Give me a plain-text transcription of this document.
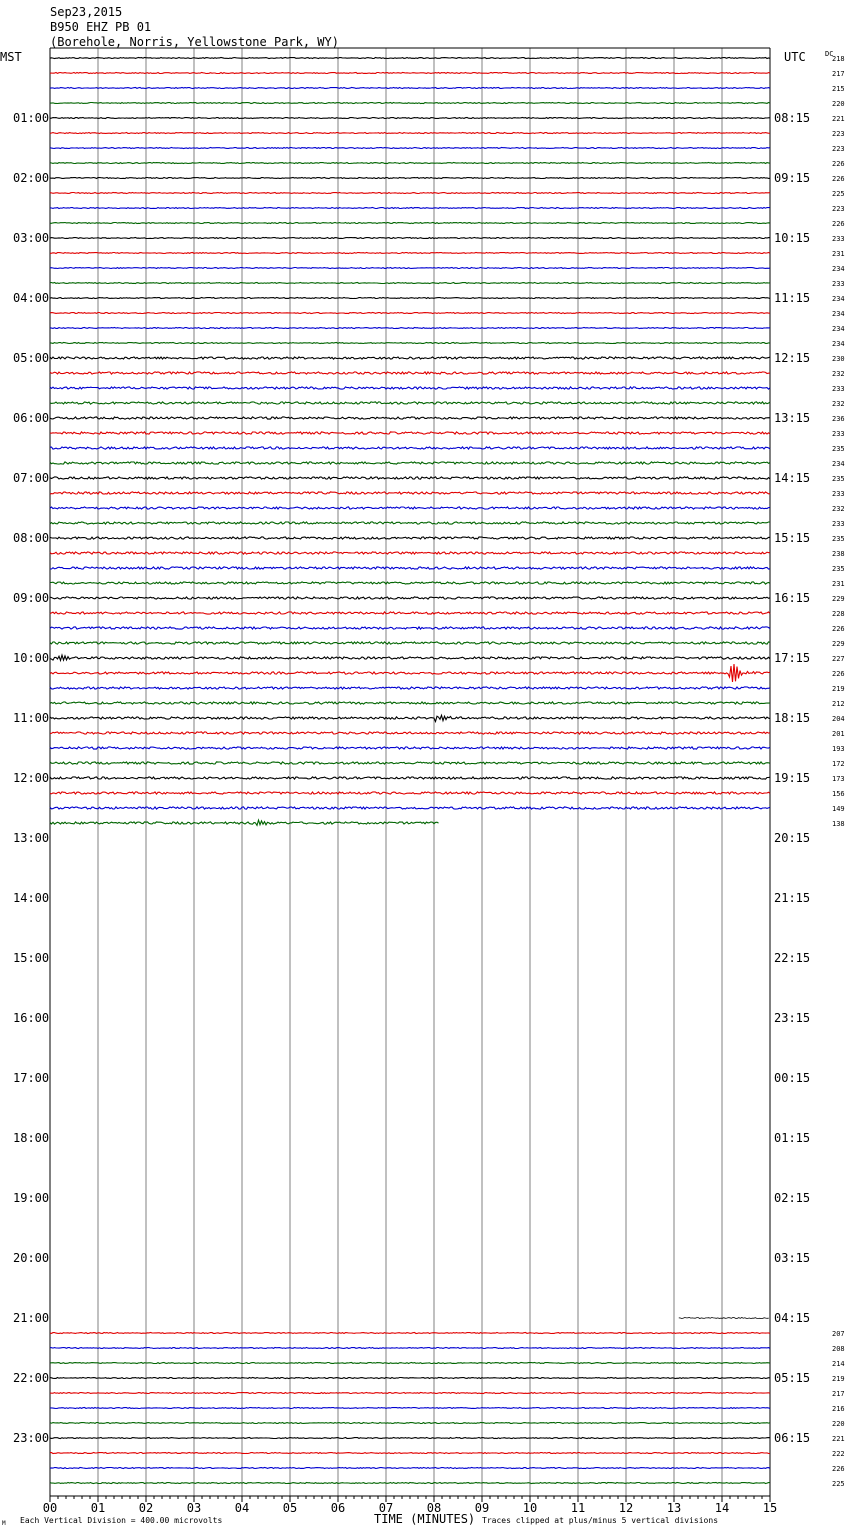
Sep23,2015
B950 EHZ PB 01
(Borehole, Norris, Yellowstone Park, WY)
MST	UTC	DC
01:00	08:15
02:00	09:15
03:00	10:15
04:00	11:15
05:00	12:15
06:00	13:15
07:00	14:15
08:00	15:15
09:00	16:15
10:00	17:15
11:00	18:15
12:00	19:15
13:00	20:15
14:00	21:15
15:00	22:15
16:00	23:15
17:00	00:15
18:00	01:15
19:00	02:15
20:00	03:15
21:00	04:15
22:00	05:15
23:00	06:15
218
217
215
220
221
223
223
226
226
225
223
226
233
231
234
233
234
234
234
234
230
232
233
232
236
233
235
234
235
233
232
233
235
238
235
231
229
228
226
229
227
226
219
212
204
201
193
172
173
156
149
138
207
208
214
219
217
216
220
221
222
226
225
00	01	02	03	04	05	06	07	08	09	10	11	12	13	14	15
M Each Vertical Division = 400.00 microvolts	TIME (MINUTES) Traces clipped at plus/minus 5 vertical divisions
